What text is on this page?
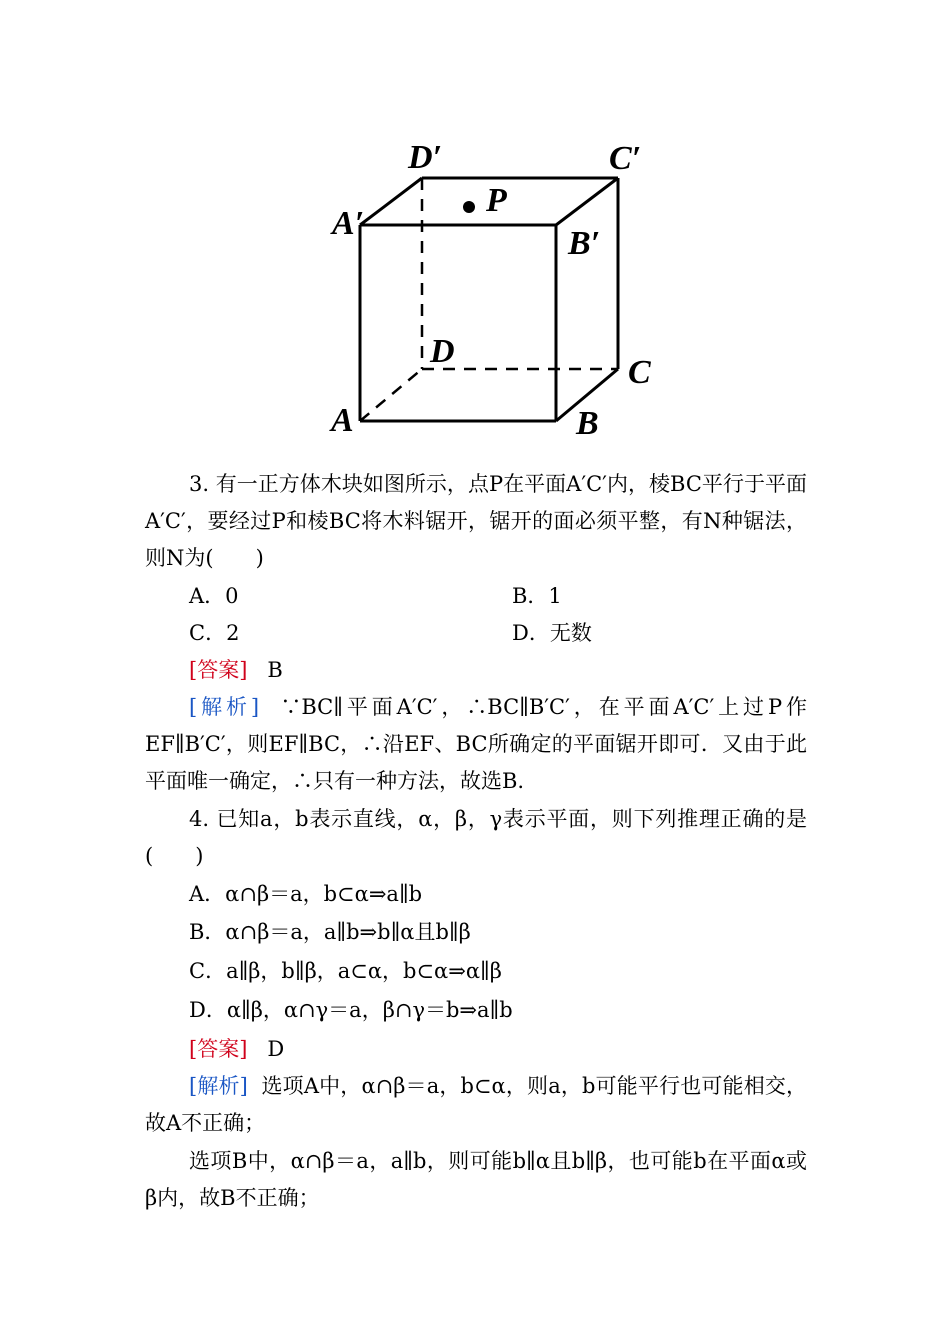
D′	C′
A′
B′
P
D
C
A	B

3. 有一正方体木块如图所示，点P在平面A′C′内，棱BC平行于平面A′C′，要经过P和棱BC将木料锯开，锯开的面必须平整，有N种锯法，则N为(　　)

A．0	B．1

C．2	D．无数

[答案] B

[解析] ∵BC∥平面A′C′，∴BC∥B′C′，在平面A′C′上过P作EF∥B′C′，则EF∥BC，∴沿EF、BC所确定的平面锯开即可．又由于此平面唯一确定，∴只有一种方法，故选B.

4. 已知a，b表示直线，α，β，γ表示平面，则下列推理正确的是(　　)

A．α∩β＝a，b⊂α⇒a∥b

B．α∩β＝a，a∥b⇒b∥α且b∥β

C．a∥β，b∥β，a⊂α，b⊂α⇒α∥β

D．α∥β，α∩γ＝a，β∩γ＝b⇒a∥b

[答案] D

[解析] 选项A中，α∩β＝a，b⊂α，则a，b可能平行也可能相交，故A不正确；

选项B中，α∩β＝a，a∥b，则可能b∥α且b∥β，也可能b在平面α或β内，故B不正确；
